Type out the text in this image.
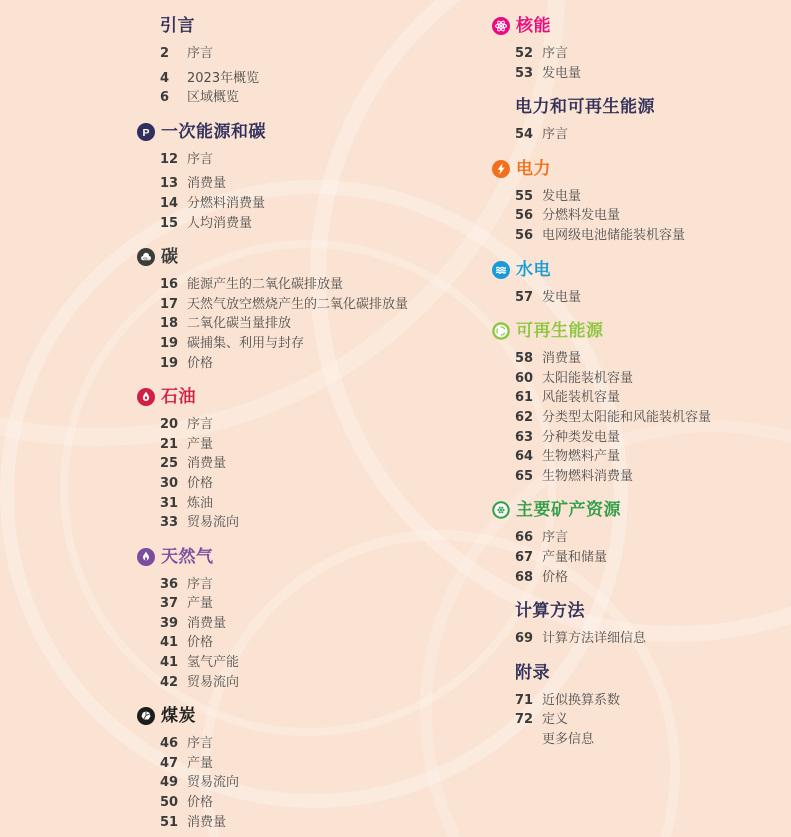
引言
2	序言
4	2023年概览
6	区域概览
P 一次能源和碳
12 序言
13 消费量
14 分燃料消费量
15 人均消费量
co₂ 碳
16 能源产生的二氧化碳排放量
17 天然气放空燃烧产生的二氧化碳排放量
18 二氧化碳当量排放
19 碳捕集、利用与封存
19 价格
石油
20 序言
21 产量
25 消费量
30 价格
31 炼油
33 贸易流向
天然气
36 序言
37 产量
39 消费量
41 价格
41 氢气产能
42 贸易流向
煤炭
46 序言
47 产量
49 贸易流向
50 价格
51 消费量
核能
52 序言
53 发电量
电力和可再生能源
54 序言
电力
55 发电量
56 分燃料发电量
56 电网级电池储能装机容量
水电
57 发电量
可再生能源
58 消费量
60 太阳能装机容量
61 风能装机容量
62 分类型太阳能和风能装机容量
63 分种类发电量
64 生物燃料产量
65 生物燃料消费量
主要矿产资源
66 序言
67 产量和储量
68 价格
计算方法
69 计算方法详细信息
附录
71 近似换算系数
72 定义
更多信息
